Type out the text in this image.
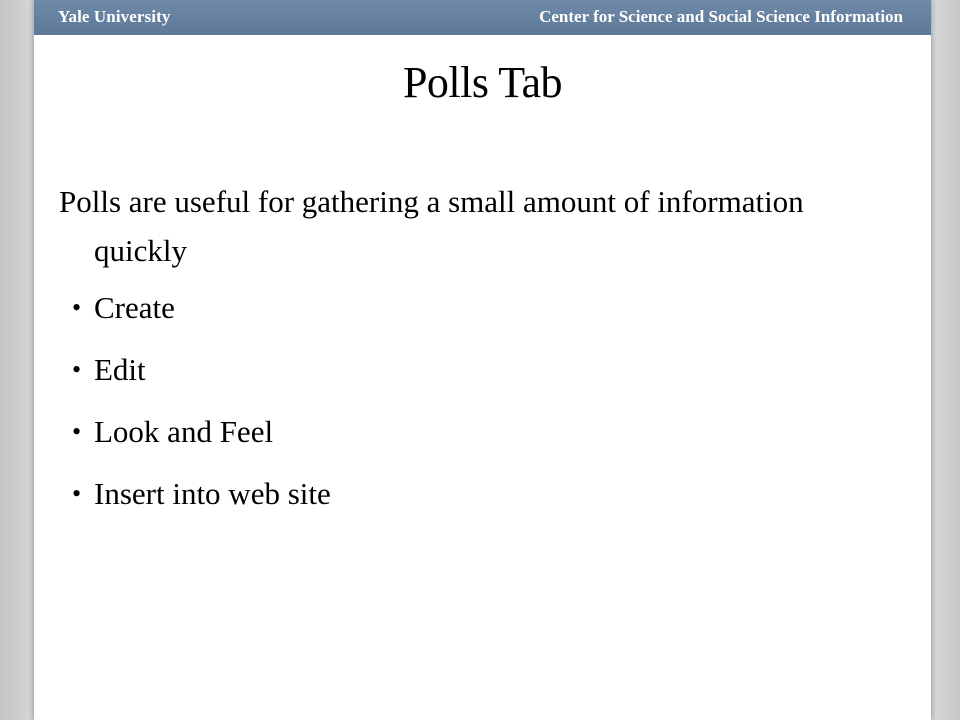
Yale University	Center for Science and Social Science Information
Polls Tab
Polls are useful for gathering a small amount of information quickly
• Create
• Edit
• Look and Feel
• Insert into web site
